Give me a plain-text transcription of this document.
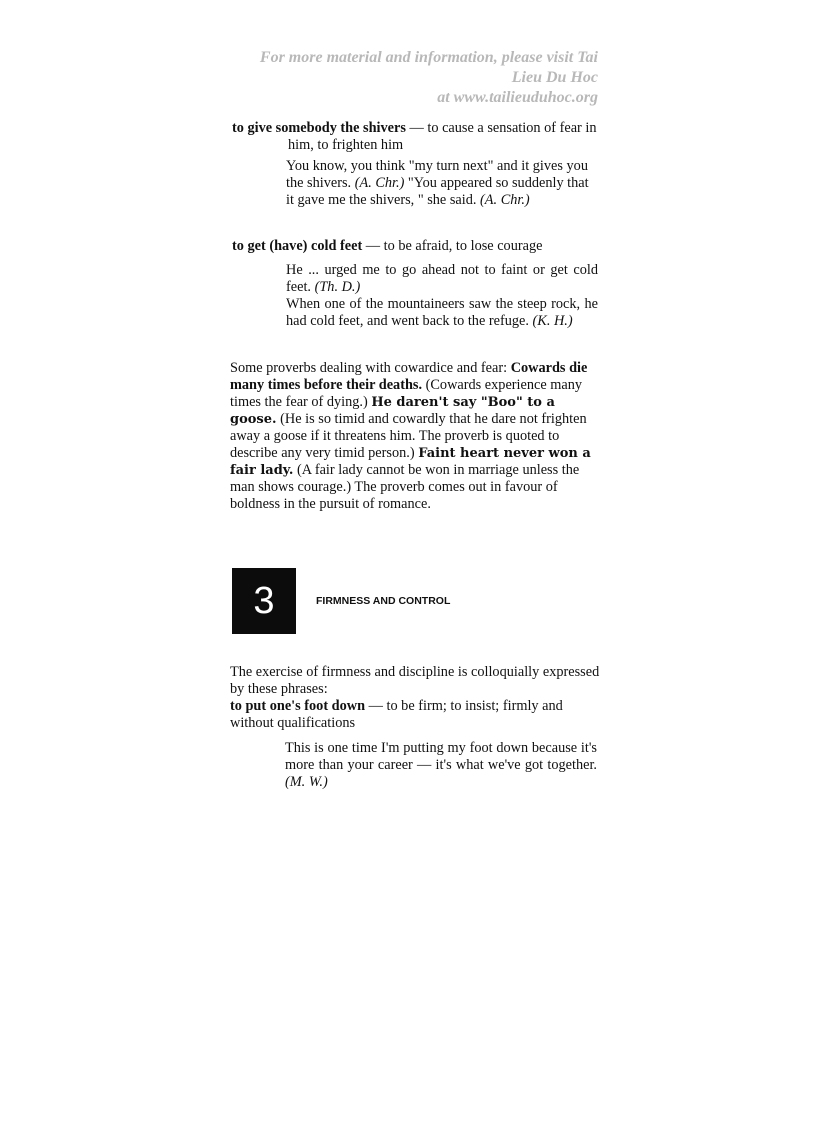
For more material and information, please visit Tai
Lieu Du Hoc
at www.tailieuduhoc.org

to give somebody the shivers — to cause a sensation of fear in

him, to frighten him

You know, you think "my turn next" and it gives you the shivers. (A. Chr.) "You appeared so suddenly that it gave me the shivers, " she said. (A. Chr.)

to get (have) cold feet — to be afraid, to lose courage

He ... urged me to go ahead not to faint or get cold feet. (Th. D.)

When one of the mountaineers saw the steep rock, he had cold feet, and went back to the refuge. (K. H.)

Some proverbs dealing with cowardice and fear: Cowards die many times before their deaths. (Cowards experience many times the fear of dying.) He daren't say "Boo" to a goose. (He is so timid and cowardly that he dare not frighten away a goose if it threatens him. The proverb is quoted to describe any very timid person.) Faint heart never won a fair lady. (A fair lady cannot be won in marriage unless the man shows courage.) The proverb comes out in favour of boldness in the pursuit of romance.

3	FIRMNESS AND CONTROL

The exercise of firmness and discipline is colloquially expressed by these phrases:

to put one's foot down — to be firm; to insist; firmly and without qualifications

This is one time I'm putting my foot down because it's more than your career — it's what we've got together. (M. W.)
